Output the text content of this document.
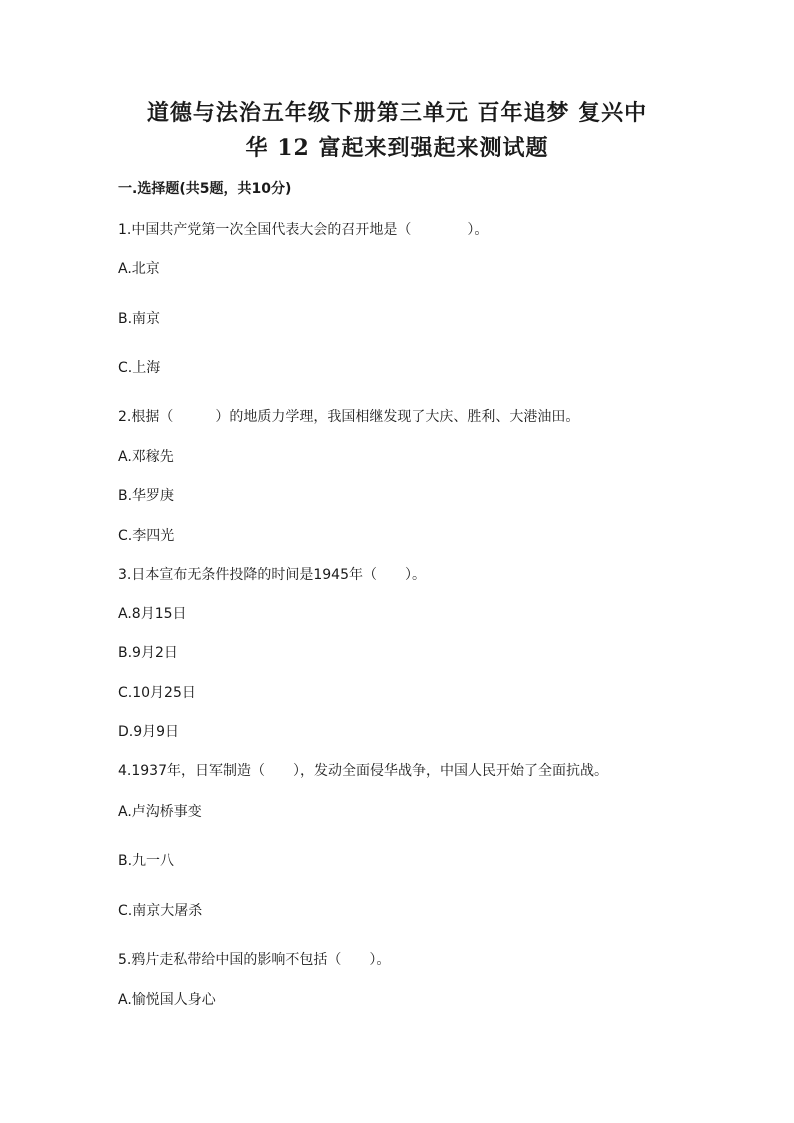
道德与法治五年级下册第三单元 百年追梦 复兴中
华 12 富起来到强起来测试题
一.选择题(共5题，共10分)
1.中国共产党第一次全国代表大会的召开地是（　　　　）。
A.北京
B.南京
C.上海
2.根据（　　　）的地质力学理，我国相继发现了大庆、胜利、大港油田。
A.邓稼先
B.华罗庚
C.李四光
3.日本宣布无条件投降的时间是1945年（　　）。
A.8月15日
B.9月2日
C.10月25日
D.9月9日
4.1937年，日军制造（　　），发动全面侵华战争，中国人民开始了全面抗战。
A.卢沟桥事变
B.九一八
C.南京大屠杀
5.鸦片走私带给中国的影响不包括（　　）。
A.愉悦国人身心
